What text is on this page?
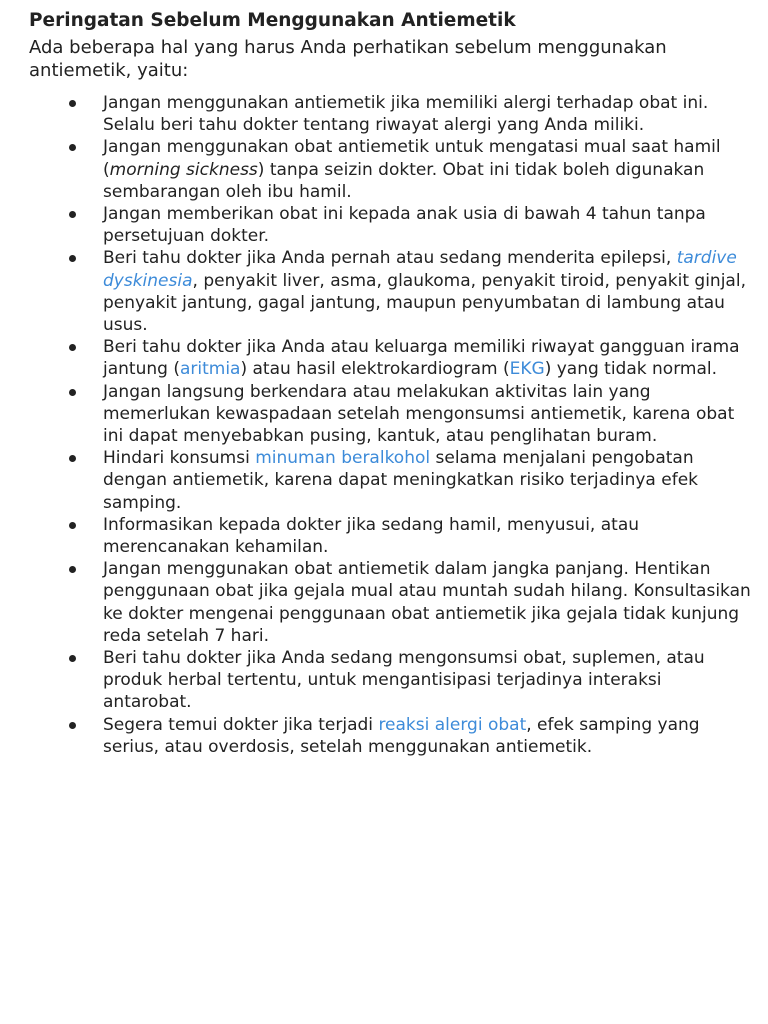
Peringatan Sebelum Menggunakan Antiemetik

Ada beberapa hal yang harus Anda perhatikan sebelum menggunakan antiemetik, yaitu:

Jangan menggunakan antiemetik jika memiliki alergi terhadap obat ini. Selalu beri tahu dokter tentang riwayat alergi yang Anda miliki.
Jangan menggunakan obat antiemetik untuk mengatasi mual saat hamil (morning sickness) tanpa seizin dokter. Obat ini tidak boleh digunakan sembarangan oleh ibu hamil.
Jangan memberikan obat ini kepada anak usia di bawah 4 tahun tanpa persetujuan dokter.
Beri tahu dokter jika Anda pernah atau sedang menderita epilepsi, tardive dyskinesia, penyakit liver, asma, glaukoma, penyakit tiroid, penyakit ginjal, penyakit jantung, gagal jantung, maupun penyumbatan di lambung atau usus.
Beri tahu dokter jika Anda atau keluarga memiliki riwayat gangguan irama jantung (aritmia) atau hasil elektrokardiogram (EKG) yang tidak normal.
Jangan langsung berkendara atau melakukan aktivitas lain yang memerlukan kewaspadaan setelah mengonsumsi antiemetik, karena obat ini dapat menyebabkan pusing, kantuk, atau penglihatan buram.
Hindari konsumsi minuman beralkohol selama menjalani pengobatan dengan antiemetik, karena dapat meningkatkan risiko terjadinya efek samping.
Informasikan kepada dokter jika sedang hamil, menyusui, atau merencanakan kehamilan.
Jangan menggunakan obat antiemetik dalam jangka panjang. Hentikan penggunaan obat jika gejala mual atau muntah sudah hilang. Konsultasikan ke dokter mengenai penggunaan obat antiemetik jika gejala tidak kunjung reda setelah 7 hari.
Beri tahu dokter jika Anda sedang mengonsumsi obat, suplemen, atau produk herbal tertentu, untuk mengantisipasi terjadinya interaksi antarobat.
Segera temui dokter jika terjadi reaksi alergi obat, efek samping yang serius, atau overdosis, setelah menggunakan antiemetik.
